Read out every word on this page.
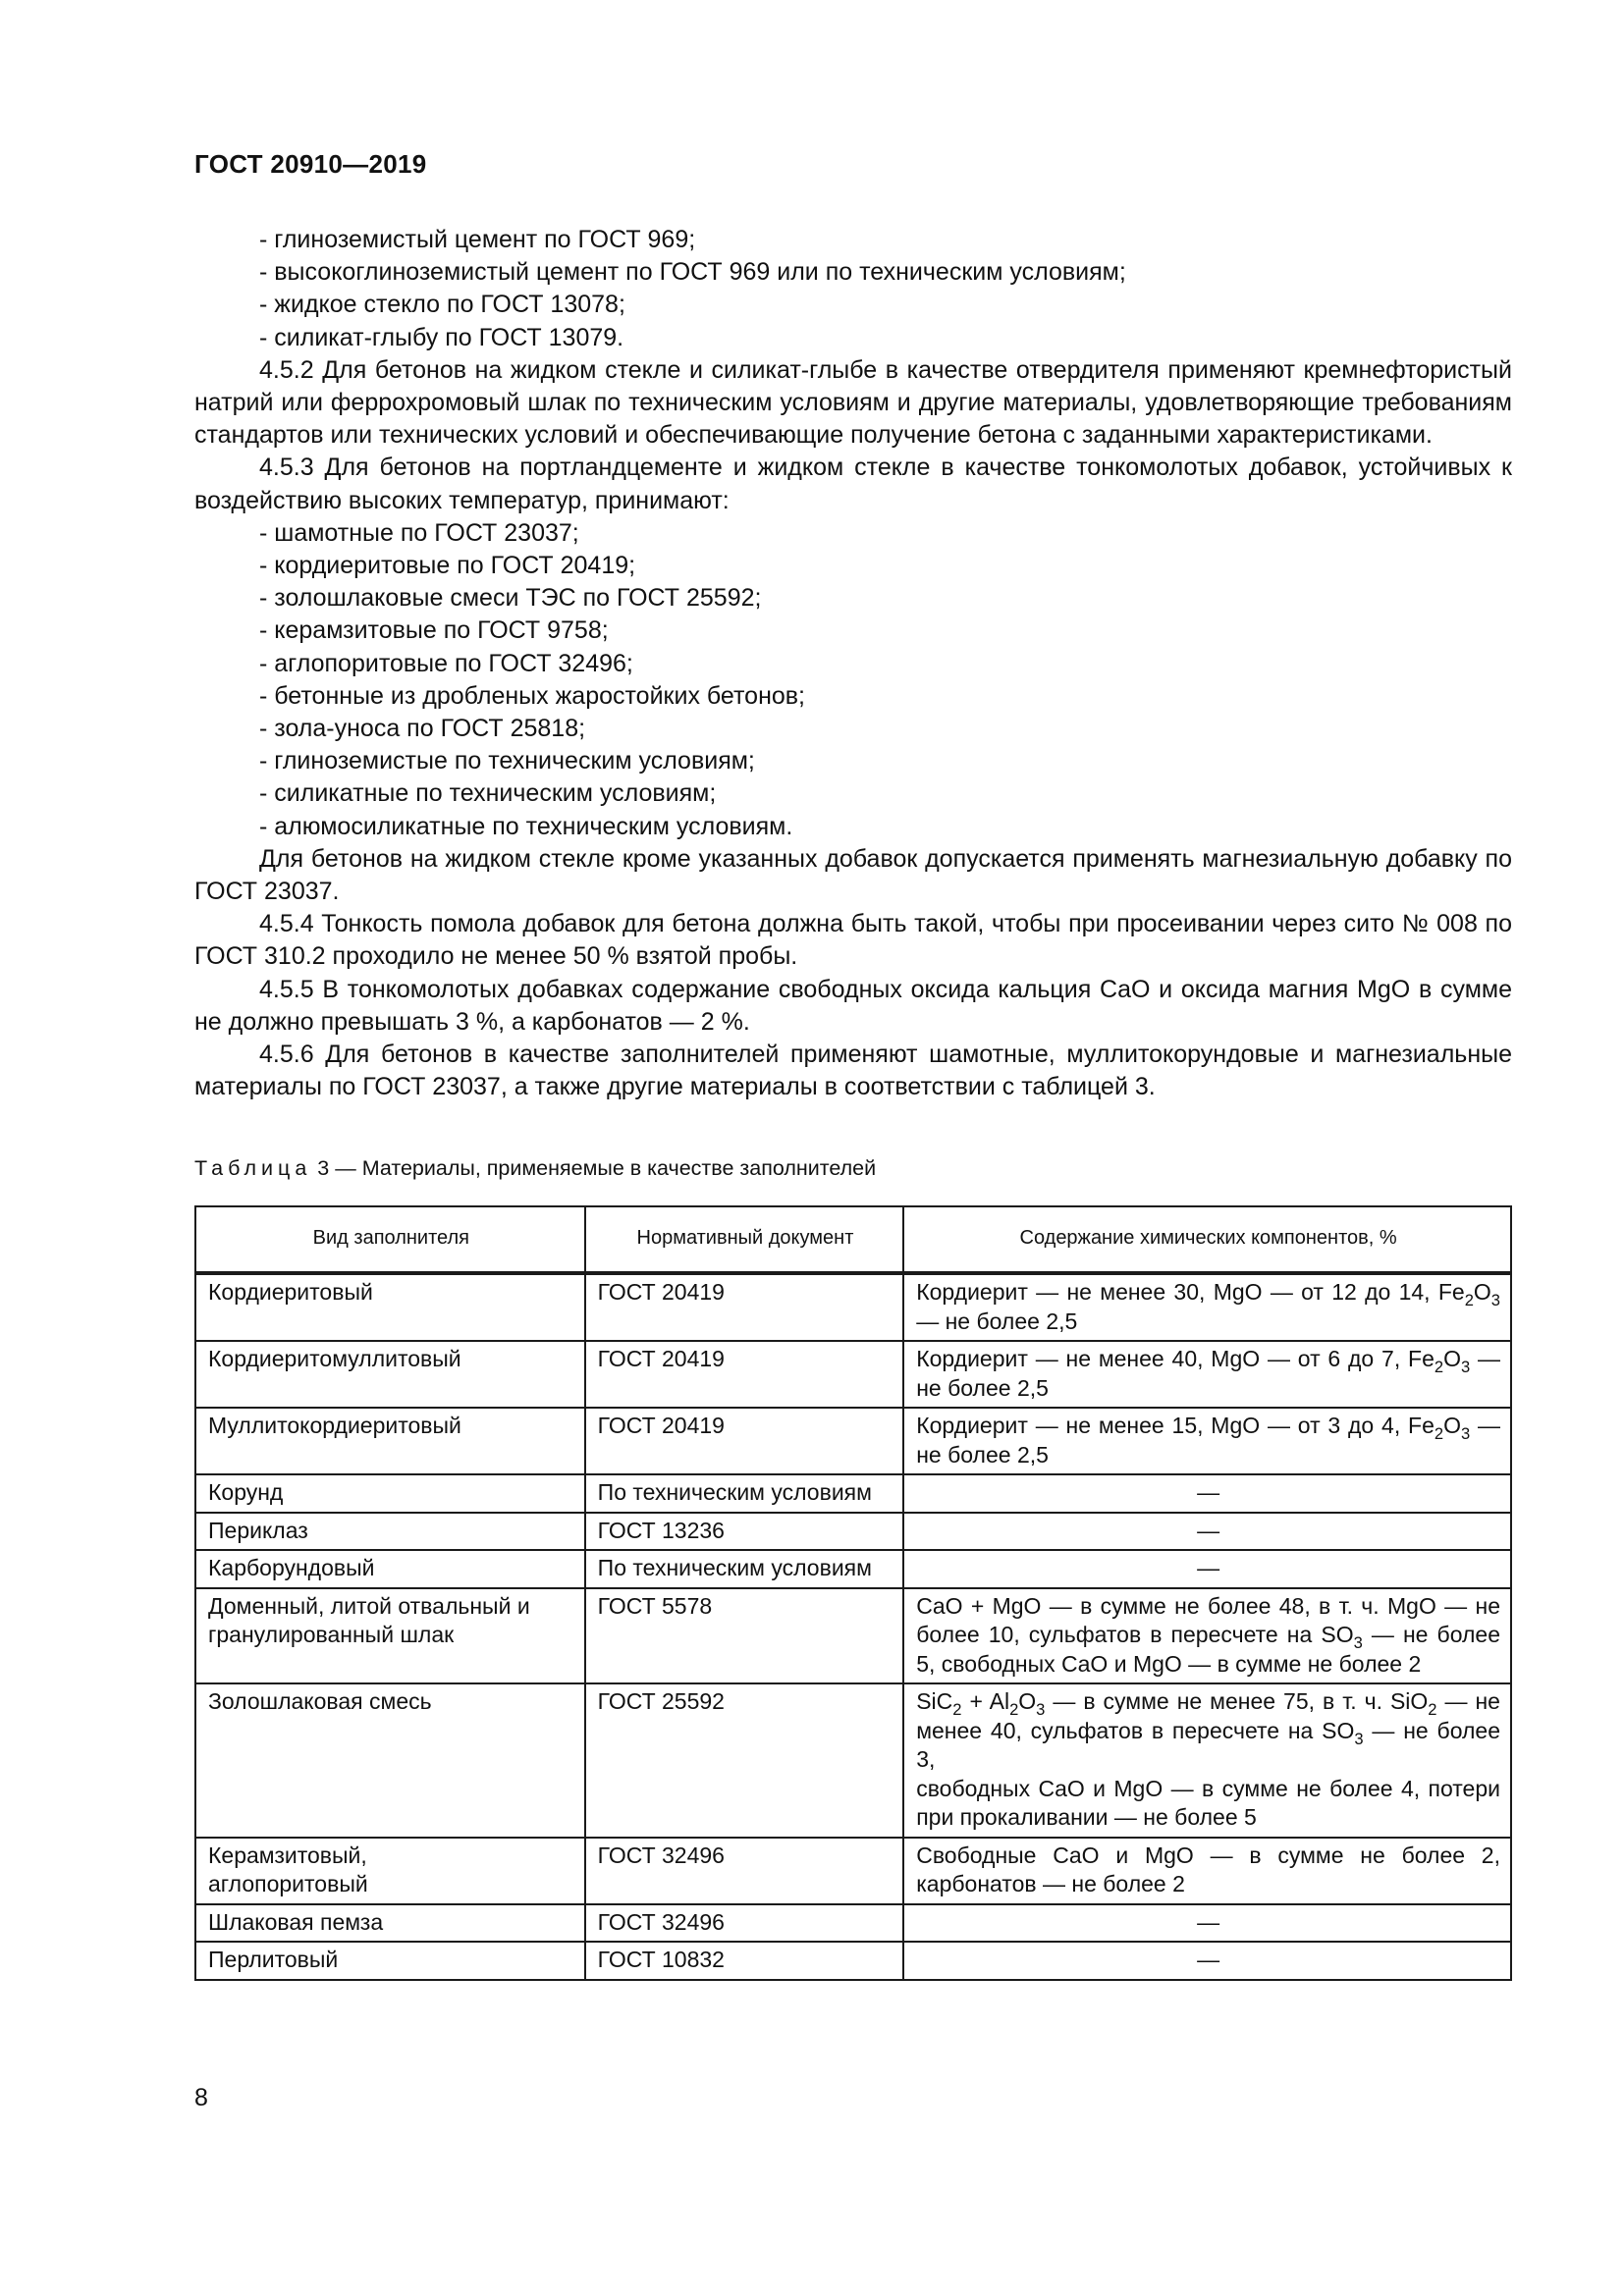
ГОСТ 20910—2019
- глиноземистый цемент по ГОСТ 969;
- высокоглиноземистый цемент по ГОСТ 969 или по техническим условиям;
- жидкое стекло по ГОСТ 13078;
- силикат-глыбу по ГОСТ 13079.

4.5.2 Для бетонов на жидком стекле и силикат-глыбе в качестве отвердителя применяют кремнефтористый натрий или феррохромовый шлак по техническим условиям и другие материалы, удовлетворяющие требованиям стандартов или технических условий и обеспечивающие получение бетона с заданными характеристиками.

4.5.3 Для бетонов на портландцементе и жидком стекле в качестве тонкомолотых добавок, устойчивых к воздействию высоких температур, принимают:

- шамотные по ГОСТ 23037;
- кордиеритовые по ГОСТ 20419;
- золошлаковые смеси ТЭС по ГОСТ 25592;
- керамзитовые по ГОСТ 9758;
- аглопоритовые по ГОСТ 32496;
- бетонные из дробленых жаростойких бетонов;
- зола-уноса по ГОСТ 25818;
- глиноземистые по техническим условиям;
- силикатные по техническим условиям;
- алюмосиликатные по техническим условиям.

Для бетонов на жидком стекле кроме указанных добавок допускается применять магнезиальную добавку по ГОСТ 23037.

4.5.4 Тонкость помола добавок для бетона должна быть такой, чтобы при просеивании через сито № 008 по ГОСТ 310.2 проходило не менее 50 % взятой пробы.

4.5.5 В тонкомолотых добавках содержание свободных оксида кальция CaO и оксида магния MgO в сумме не должно превышать 3 %, а карбонатов — 2 %.

4.5.6 Для бетонов в качестве заполнителей применяют шамотные, муллитокорундовые и магнезиальные материалы по ГОСТ 23037, а также другие материалы в соответствии с таблицей 3.

Таблица 3 — Материалы, применяемые в качестве заполнителей
Вид заполнителя	Нормативный документ	Содержание химических компонентов, %
Кордиеритовый	ГОСТ 20419	Кордиерит — не менее 30, MgO — от 12 до 14, $Fe_2O_3$ — не более 2,5
Кордиеритомуллитовый	ГОСТ 20419	Кордиерит — не менее 40, MgO — от 6 до 7, $Fe_2O_3$ — не более 2,5
Муллитокордиеритовый	ГОСТ 20419	Кордиерит — не менее 15, MgO — от 3 до 4, $Fe_2O_3$ — не более 2,5
Корунд	По техническим условиям	—
Периклаз	ГОСТ 13236	—
Карборундовый	По техническим условиям	—
Доменный, литой отвальный и гранулированный шлак	ГОСТ 5578	CaO + MgO — в сумме не более 48, в т. ч. MgO — не более 10, сульфатов в пересчете на $SO_3$ — не более 5, свободных CaO и MgO — в сумме не более 2
Золошлаковая смесь	ГОСТ 25592	$SiC_2 + Al_2O_3$ — в сумме не менее 75, в т. ч. SiO$_2$ — не менее 40, сульфатов в пересчете на $SO_3$ — не более 3,
свободных CaO и MgO — в сумме не более 4, потери при прокаливании — не более 5
Керамзитовый,
аглопоритовый	ГОСТ 32496	Свободные CaO и MgO — в сумме не более 2, карбонатов — не более 2
Шлаковая пемза	ГОСТ 32496	—
Перлитовый	ГОСТ 10832	—
8
